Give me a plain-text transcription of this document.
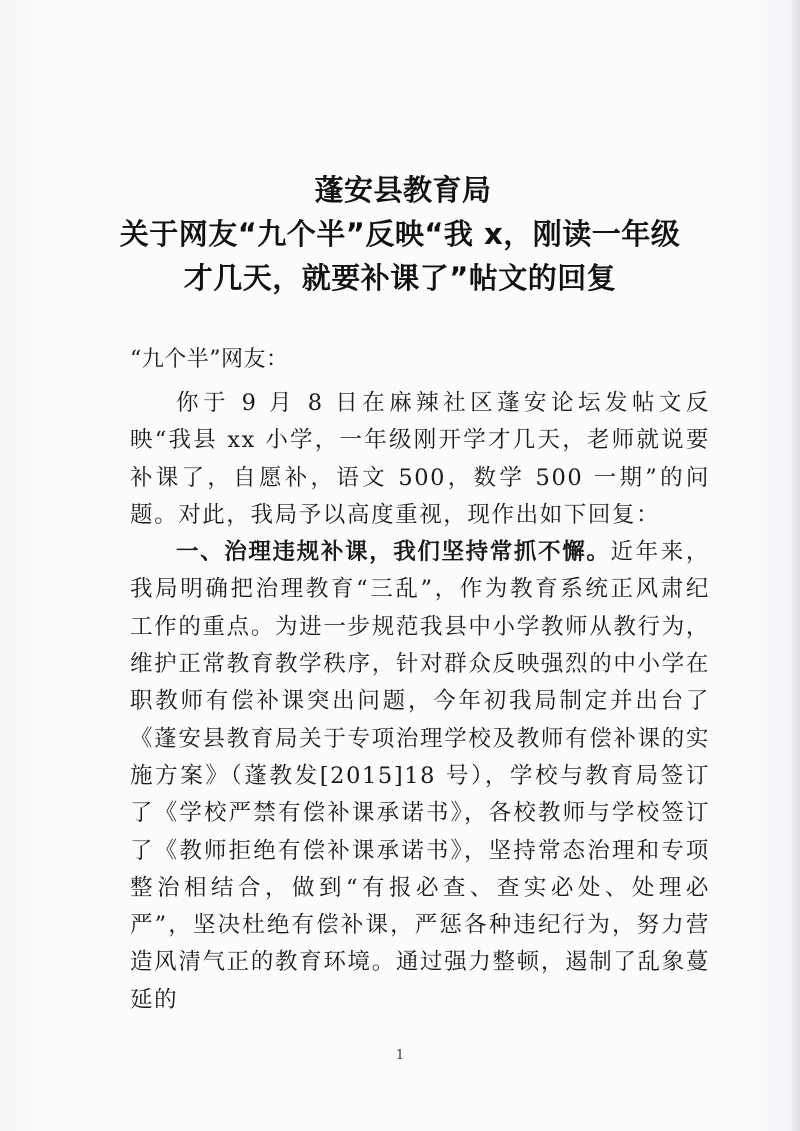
蓬安县教育局
关于网友“九个半”反映“我 x，刚读一年级
才几天，就要补课了”帖文的回复
“九个半”网友：

你于 9 月 8 日在麻辣社区蓬安论坛发帖文反映“我县 xx 小学，一年级刚开学才几天，老师就说要补课了，自愿补，语文 500，数学 500 一期”的问题。对此，我局予以高度重视，现作出如下回复：

一、治理违规补课，我们坚持常抓不懈。近年来，我局明确把治理教育“三乱”，作为教育系统正风肃纪工作的重点。为进一步规范我县中小学教师从教行为，维护正常教育教学秩序，针对群众反映强烈的中小学在职教师有偿补课突出问题，今年初我局制定并出台了《蓬安县教育局关于专项治理学校及教师有偿补课的实施方案》（蓬教发[2015]18 号），学校与教育局签订了《学校严禁有偿补课承诺书》，各校教师与学校签订了《教师拒绝有偿补课承诺书》，坚持常态治理和专项整治相结合，做到“有报必查、查实必处、处理必严”，坚决杜绝有偿补课，严惩各种违纪行为，努力营造风清气正的教育环境。通过强力整顿，遏制了乱象蔓延的

1
